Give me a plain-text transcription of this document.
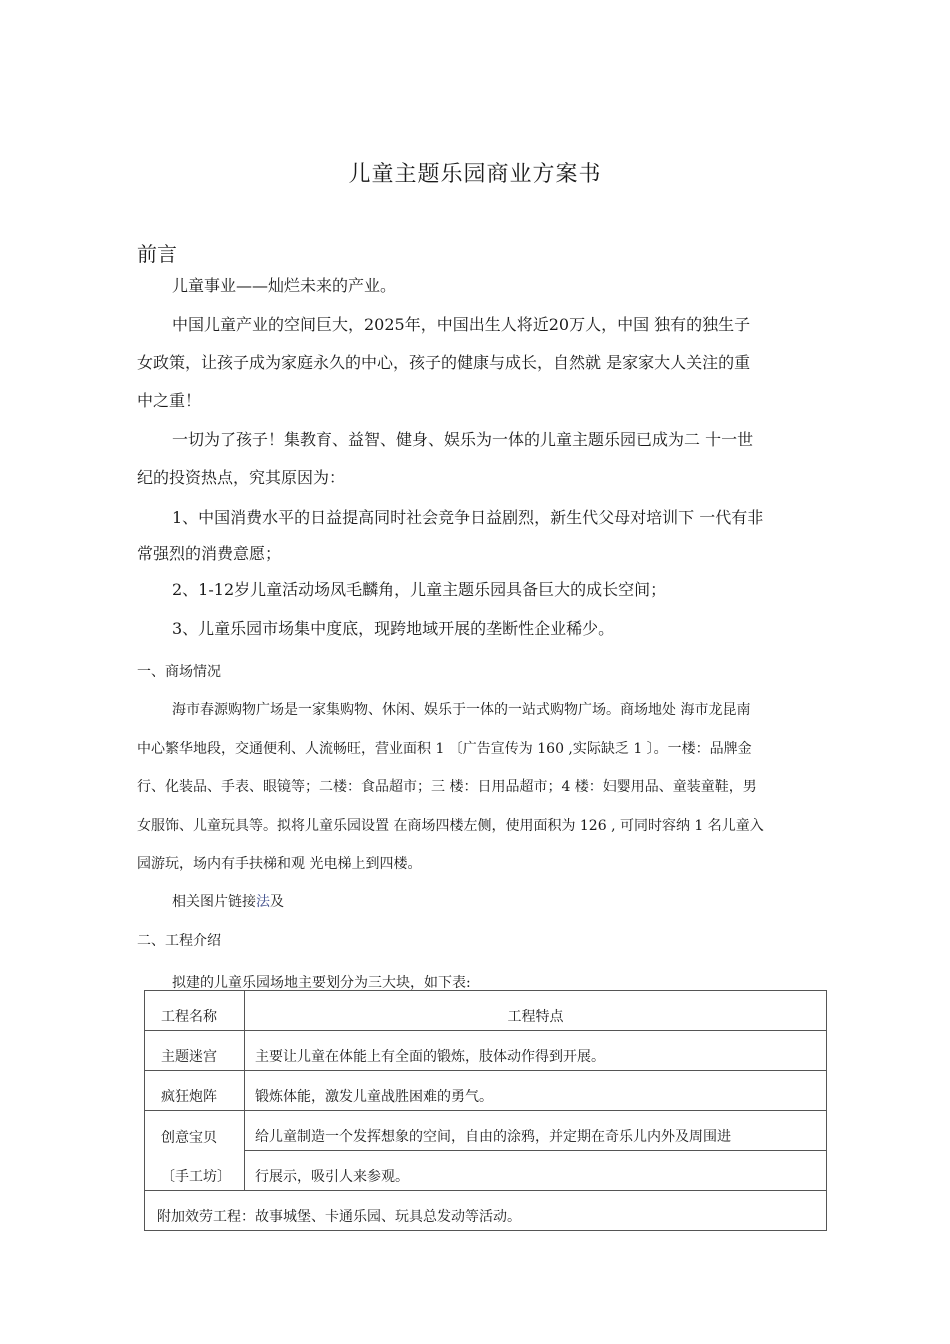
儿童主题乐园商业方案书
前言
儿童事业——灿烂未来的产业。
中国儿童产业的空间巨大，2025年，中国出生人将近20万人，中国 独有的独生子
女政策，让孩子成为家庭永久的中心，孩子的健康与成长，自然就 是家家大人关注的重
中之重！
一切为了孩子！集教育、益智、健身、娱乐为一体的儿童主题乐园已成为二 十一世
纪的投资热点，究其原因为：
1、中国消费水平的日益提高同时社会竞争日益剧烈，新生代父母对培训下 一代有非
常强烈的消费意愿；
2、1-12岁儿童活动场凤毛麟角，儿童主题乐园具备巨大的成长空间；
3、儿童乐园市场集中度底，现跨地域开展的垄断性企业稀少。
一、商场情况
海市春源购物广场是一家集购物、休闲、娱乐于一体的一站式购物广场。商场地处 海市龙昆南
中心繁华地段，交通便利、人流畅旺，营业面积 1 〔广告宣传为 160 ,实际缺乏 1 〕。一楼：品牌金
行、化装品、手表、眼镜等；二楼：食品超市；三 楼：日用品超市；4 楼：妇婴用品、童装童鞋，男
女服饰、儿童玩具等。拟将儿童乐园设置 在商场四楼左侧，使用面积为 126 , 可同时容纳 1 名儿童入
园游玩，场内有手扶梯和观 光电梯上到四楼。
相关图片链接法及
二、工程介绍
拟建的儿童乐园场地主要划分为三大块，如下表:
工程名称	工程特点

主题迷宫	主要让儿童在体能上有全面的锻炼，肢体动作得到开展。

疯狂炮阵	锻炼体能，激发儿童战胜困难的勇气。

创意宝贝	给儿童制造一个发挥想象的空间，自由的涂鸦，并定期在奇乐儿内外及周围进

〔手工坊〕	行展示，吸引人来参观。

附加效劳工程：故事城堡、卡通乐园、玩具总发动等活动。	
